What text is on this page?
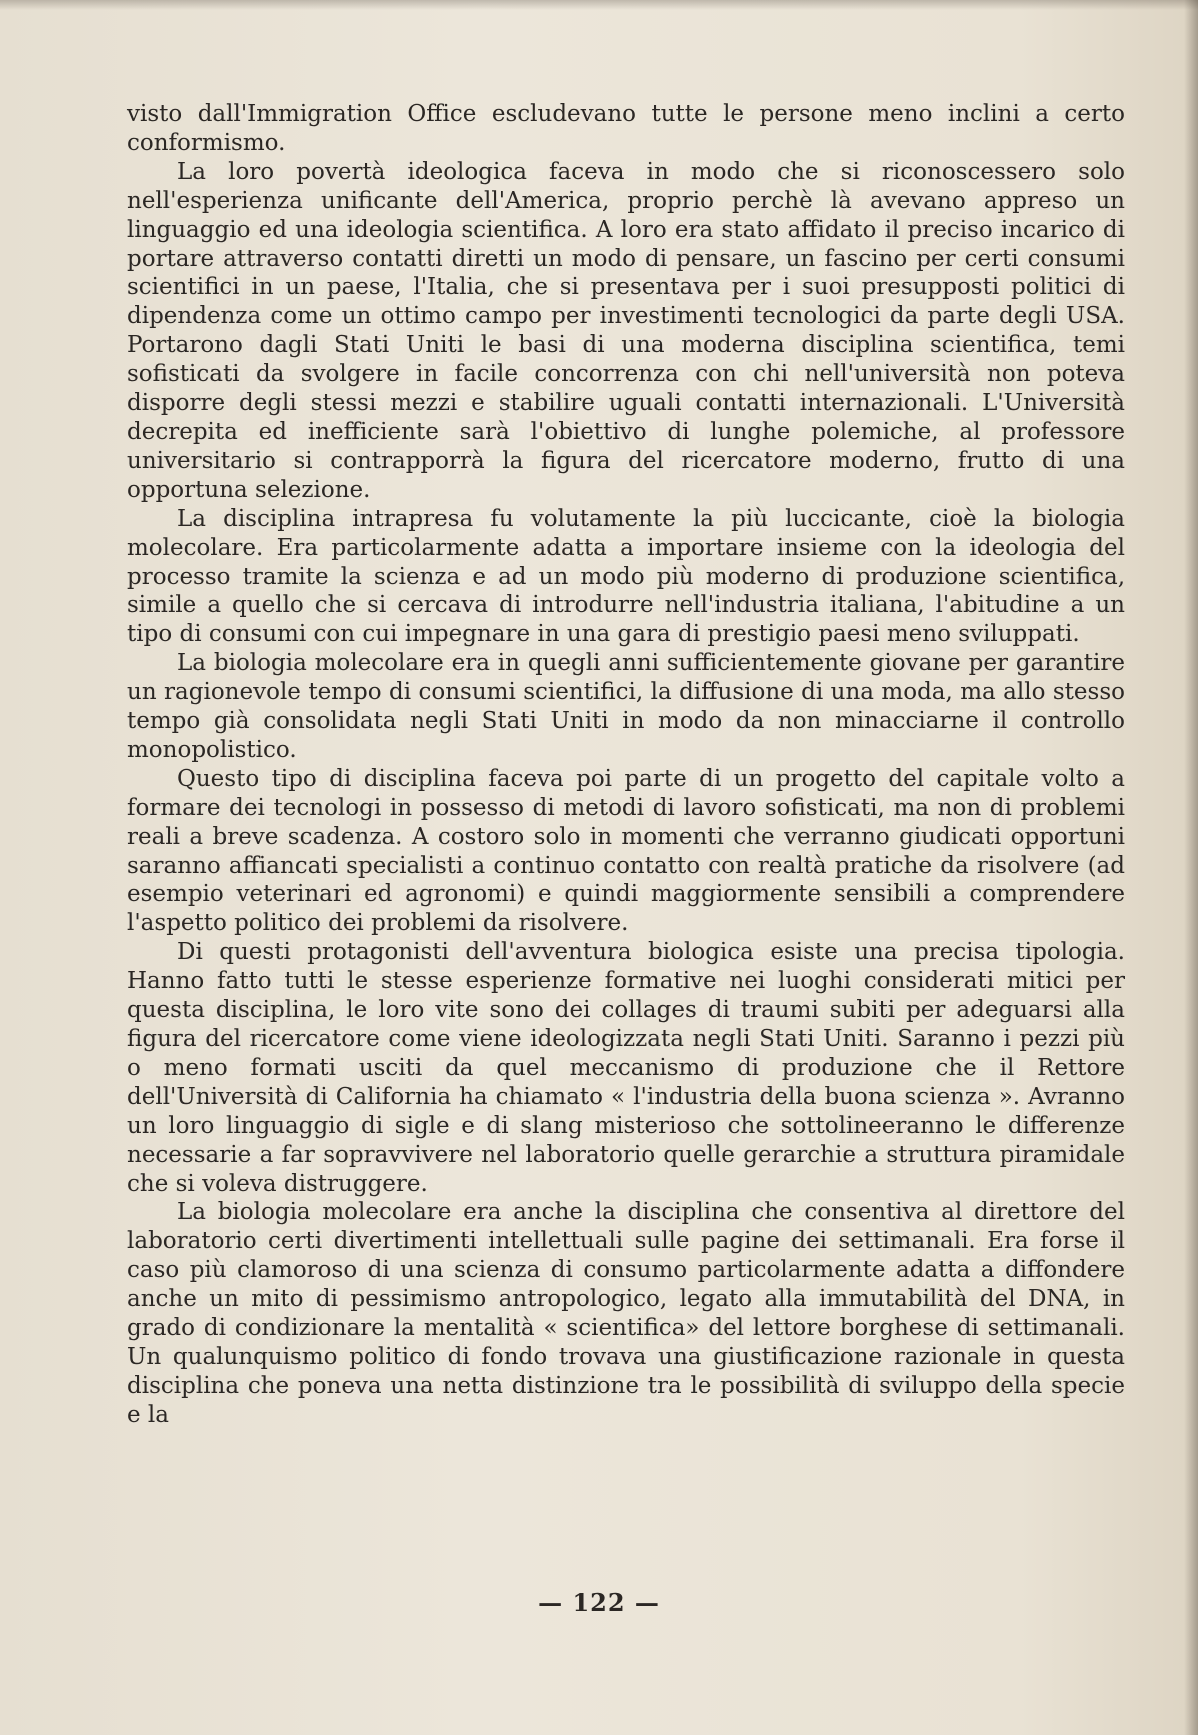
visto dall'Immigration Office escludevano tutte le persone meno inclini a certo conformismo.

La loro povertà ideologica faceva in modo che si riconoscessero solo nell'esperienza unificante dell'America, proprio perchè là avevano appreso un linguaggio ed una ideologia scientifica. A loro era stato affidato il preciso incarico di portare attraverso contatti diretti un modo di pensare, un fascino per certi consumi scientifici in un paese, l'Italia, che si presentava per i suoi presupposti politici di dipendenza come un ottimo campo per investimenti tecnologici da parte degli USA. Portarono dagli Stati Uniti le basi di una moderna disciplina scientifica, temi sofisticati da svolgere in facile concorrenza con chi nell'università non poteva disporre degli stessi mezzi e stabilire uguali contatti internazionali. L'Università decrepita ed inefficiente sarà l'obiettivo di lunghe polemiche, al professore universitario si contrapporrà la figura del ricercatore moderno, frutto di una opportuna selezione.

La disciplina intrapresa fu volutamente la più luccicante, cioè la biologia molecolare. Era particolarmente adatta a importare insieme con la ideologia del processo tramite la scienza e ad un modo più moderno di produzione scientifica, simile a quello che si cercava di introdurre nell'industria italiana, l'abitudine a un tipo di consumi con cui impegnare in una gara di prestigio paesi meno sviluppati.

La biologia molecolare era in quegli anni sufficientemente giovane per garantire un ragionevole tempo di consumi scientifici, la diffusione di una moda, ma allo stesso tempo già consolidata negli Stati Uniti in modo da non minacciarne il controllo monopolistico.

Questo tipo di disciplina faceva poi parte di un progetto del capitale volto a formare dei tecnologi in possesso di metodi di lavoro sofisticati, ma non di problemi reali a breve scadenza. A costoro solo in momenti che verranno giudicati opportuni saranno affiancati specialisti a continuo contatto con realtà pratiche da risolvere (ad esempio veterinari ed agronomi) e quindi maggiormente sensibili a comprendere l'aspetto politico dei problemi da risolvere.

Di questi protagonisti dell'avventura biologica esiste una precisa tipologia. Hanno fatto tutti le stesse esperienze formative nei luoghi considerati mitici per questa disciplina, le loro vite sono dei collages di traumi subiti per adeguarsi alla figura del ricercatore come viene ideologizzata negli Stati Uniti. Saranno i pezzi più o meno formati usciti da quel meccanismo di produzione che il Rettore dell'Università di California ha chiamato « l'industria della buona scienza ». Avranno un loro linguaggio di sigle e di slang misterioso che sottolineeranno le differenze necessarie a far sopravvivere nel laboratorio quelle gerarchie a struttura piramidale che si voleva distruggere.

La biologia molecolare era anche la disciplina che consentiva al direttore del laboratorio certi divertimenti intellettuali sulle pagine dei settimanali. Era forse il caso più clamoroso di una scienza di consumo particolarmente adatta a diffondere anche un mito di pessimismo antropologico, legato alla immutabilità del DNA, in grado di condizionare la mentalità « scientifica» del lettore borghese di settimanali. Un qualunquismo politico di fondo trovava una giustificazione razionale in questa disciplina che poneva una netta distinzione tra le possibilità di sviluppo della specie e la

— 122 —
